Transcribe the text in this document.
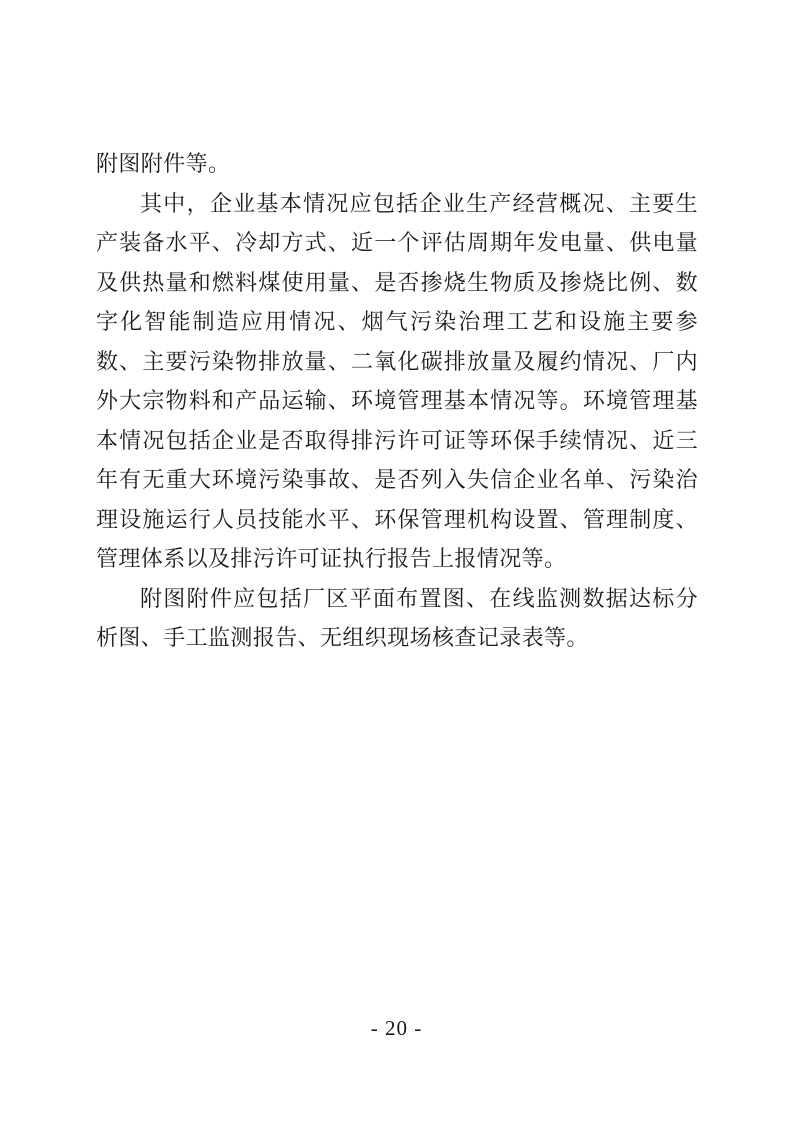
附图附件等。

其中，企业基本情况应包括企业生产经营概况、主要生产装备水平、冷却方式、近一个评估周期年发电量、供电量及供热量和燃料煤使用量、是否掺烧生物质及掺烧比例、数字化智能制造应用情况、烟气污染治理工艺和设施主要参数、主要污染物排放量、二氧化碳排放量及履约情况、厂内外大宗物料和产品运输、环境管理基本情况等。环境管理基本情况包括企业是否取得排污许可证等环保手续情况、近三年有无重大环境污染事故、是否列入失信企业名单、污染治理设施运行人员技能水平、环保管理机构设置、管理制度、管理体系以及排污许可证执行报告上报情况等。

附图附件应包括厂区平面布置图、在线监测数据达标分析图、手工监测报告、无组织现场核查记录表等。

- 20 -
